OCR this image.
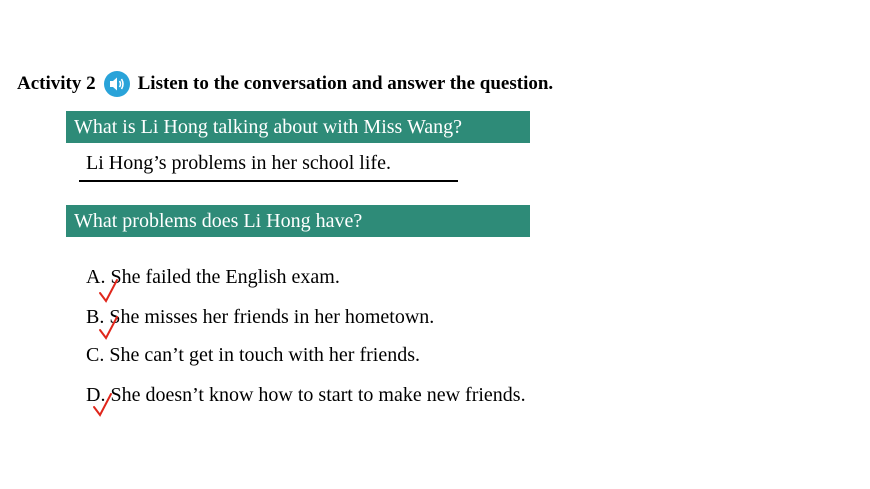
Activity 2 Listen to the conversation and answer the question.
What is Li Hong talking about with Miss Wang?
Li Hong’s problems in her school life.
What problems does Li Hong have?
A. She failed the English exam.
B. She misses her friends in her hometown.
C. She can’t get in touch with her friends.
D. She doesn’t know how to start to make new friends.
